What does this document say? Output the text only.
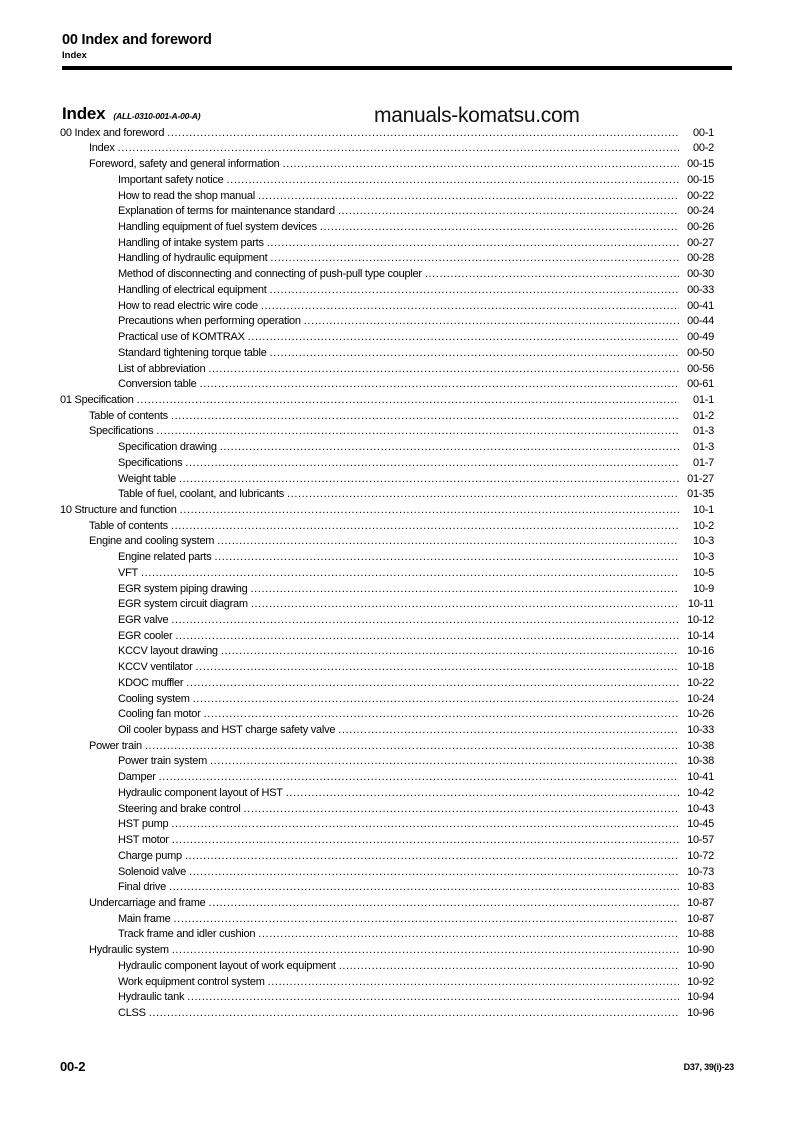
00 Index and foreword
Index
Index (ALL-0310-001-A-00-A)	manuals-komatsu.com
00 Index and foreword .....	00-1
Index .....	00-2
Foreword, safety and general information .....	00-15
Important safety notice .....	00-15
How to read the shop manual .....	00-22
Explanation of terms for maintenance standard .....	00-24
Handling equipment of fuel system devices .....	00-26
Handling of intake system parts .....	00-27
Handling of hydraulic equipment .....	00-28
Method of disconnecting and connecting of push-pull type coupler .....	00-30
Handling of electrical equipment .....	00-33
How to read electric wire code .....	00-41
Precautions when performing operation .....	00-44
Practical use of KOMTRAX .....	00-49
Standard tightening torque table .....	00-50
List of abbreviation .....	00-56
Conversion table .....	00-61
01 Specification .....	01-1
Table of contents .....	01-2
Specifications .....	01-3
Specification drawing .....	01-3
Specifications .....	01-7
Weight table .....	01-27
Table of fuel, coolant, and lubricants .....	01-35
10 Structure and function .....	10-1
Table of contents .....	10-2
Engine and cooling system .....	10-3
Engine related parts .....	10-3
VFT .....	10-5
EGR system piping drawing .....	10-9
EGR system circuit diagram .....	10-11
EGR valve .....	10-12
EGR cooler .....	10-14
KCCV layout drawing .....	10-16
KCCV ventilator .....	10-18
KDOC muffler .....	10-22
Cooling system .....	10-24
Cooling fan motor .....	10-26
Oil cooler bypass and HST charge safety valve .....	10-33
Power train .....	10-38
Power train system .....	10-38
Damper .....	10-41
Hydraulic component layout of HST .....	10-42
Steering and brake control .....	10-43
HST pump .....	10-45
HST motor .....	10-57
Charge pump .....	10-72
Solenoid valve .....	10-73
Final drive .....	10-83
Undercarriage and frame .....	10-87
Main frame .....	10-87
Track frame and idler cushion .....	10-88
Hydraulic system .....	10-90
Hydraulic component layout of work equipment .....	10-90
Work equipment control system .....	10-92
Hydraulic tank .....	10-94
CLSS .....	10-96
00-2	D37, 39(i)-23
